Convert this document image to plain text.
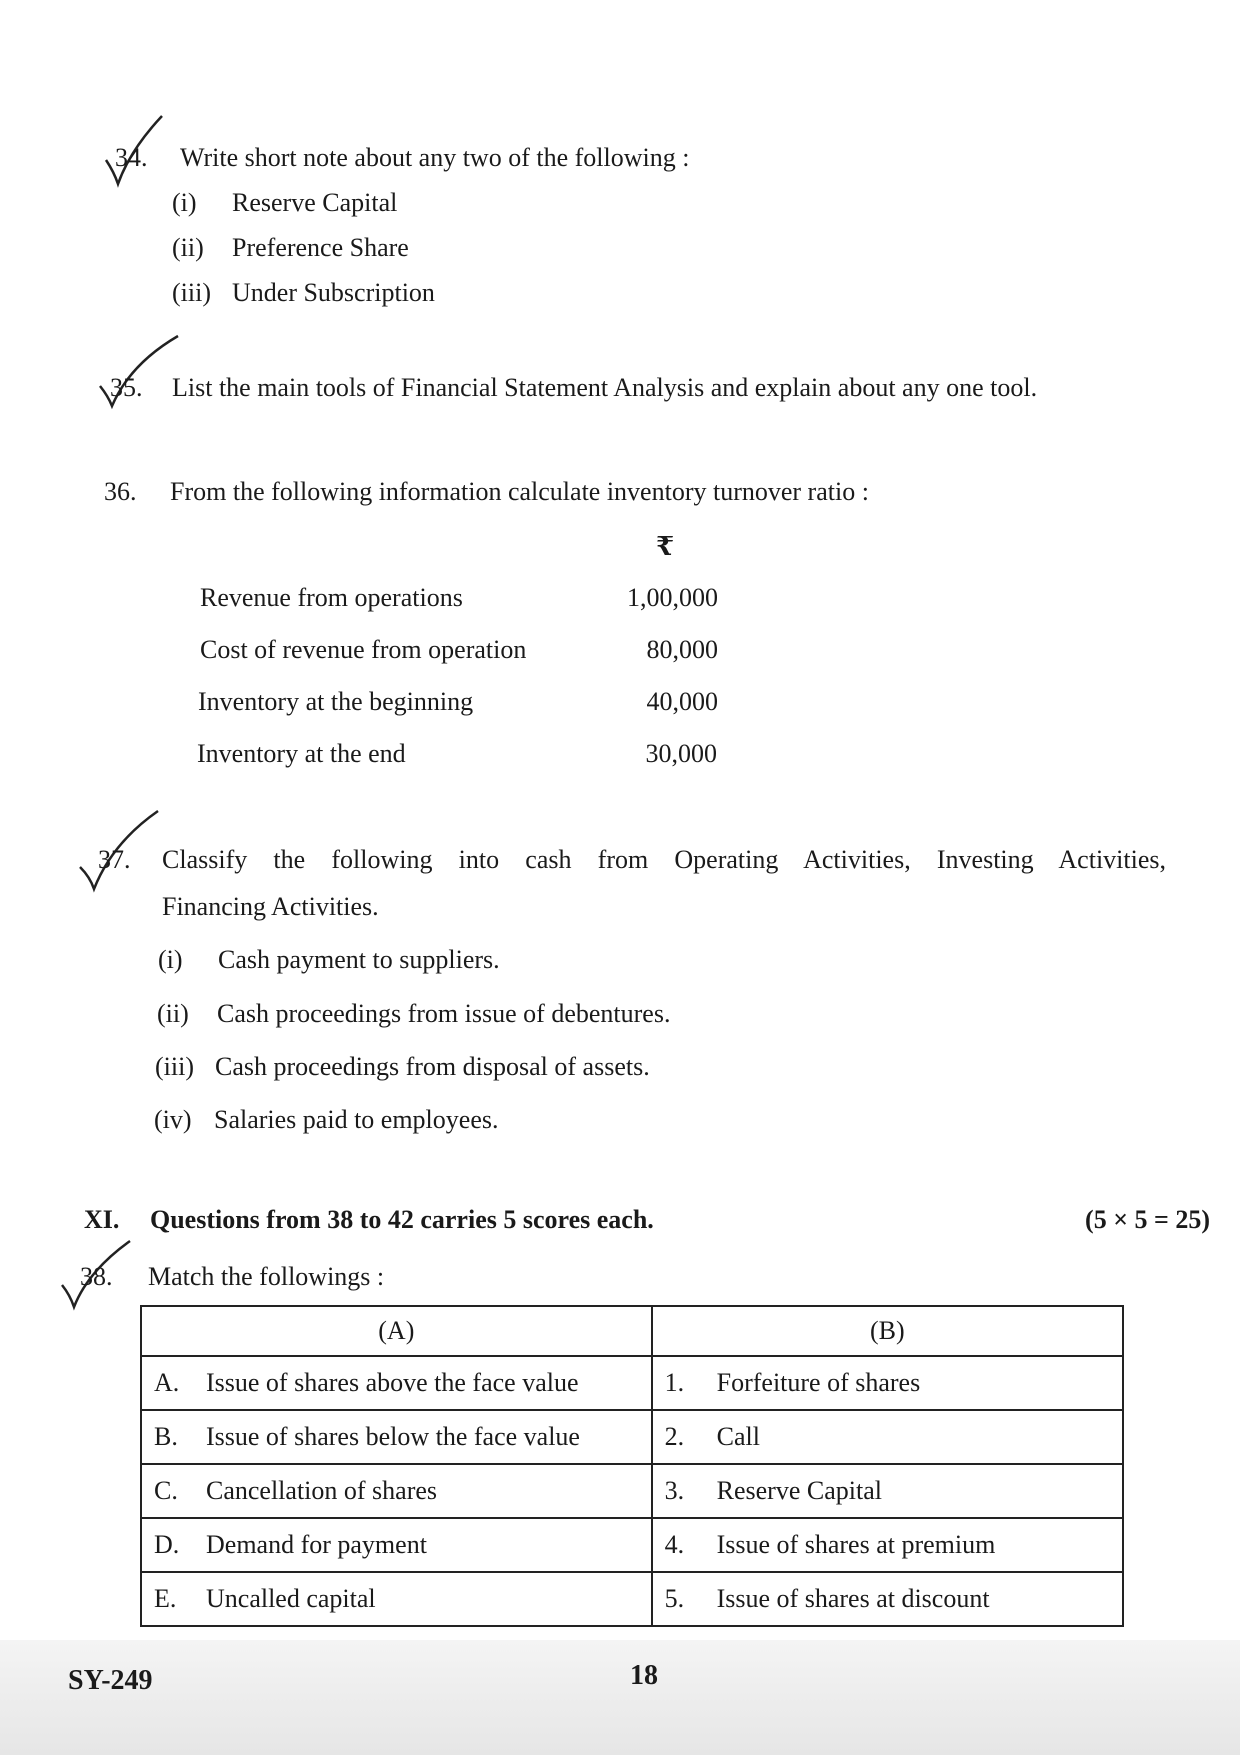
34. Write short note about any two of the following :
(i) Reserve Capital
(ii) Preference Share
(iii) Under Subscription
35. List the main tools of Financial Statement Analysis and explain about any one tool.
36. From the following information calculate inventory turnover ratio :
₹
Revenue from operations	1,00,000
Cost of revenue from operation	80,000
Inventory at the beginning	40,000
Inventory at the end	30,000
37. Classify the following into cash from Operating Activities, Investing Activities,
Financing Activities.
(i) Cash payment to suppliers.
(ii) Cash proceedings from issue of debentures.
(iii) Cash proceedings from disposal of assets.
(iv) Salaries paid to employees.
XI. Questions from 38 to 42 carries 5 scores each.	(5 × 5 = 25)
38. Match the followings :
(A)	(B)
A. Issue of shares above the face value	1. Forfeiture of shares
B. Issue of shares below the face value	2. Call
C. Cancellation of shares	3. Reserve Capital
D. Demand for payment	4. Issue of shares at premium
E. Uncalled capital	5. Issue of shares at discount
SY-249	18
